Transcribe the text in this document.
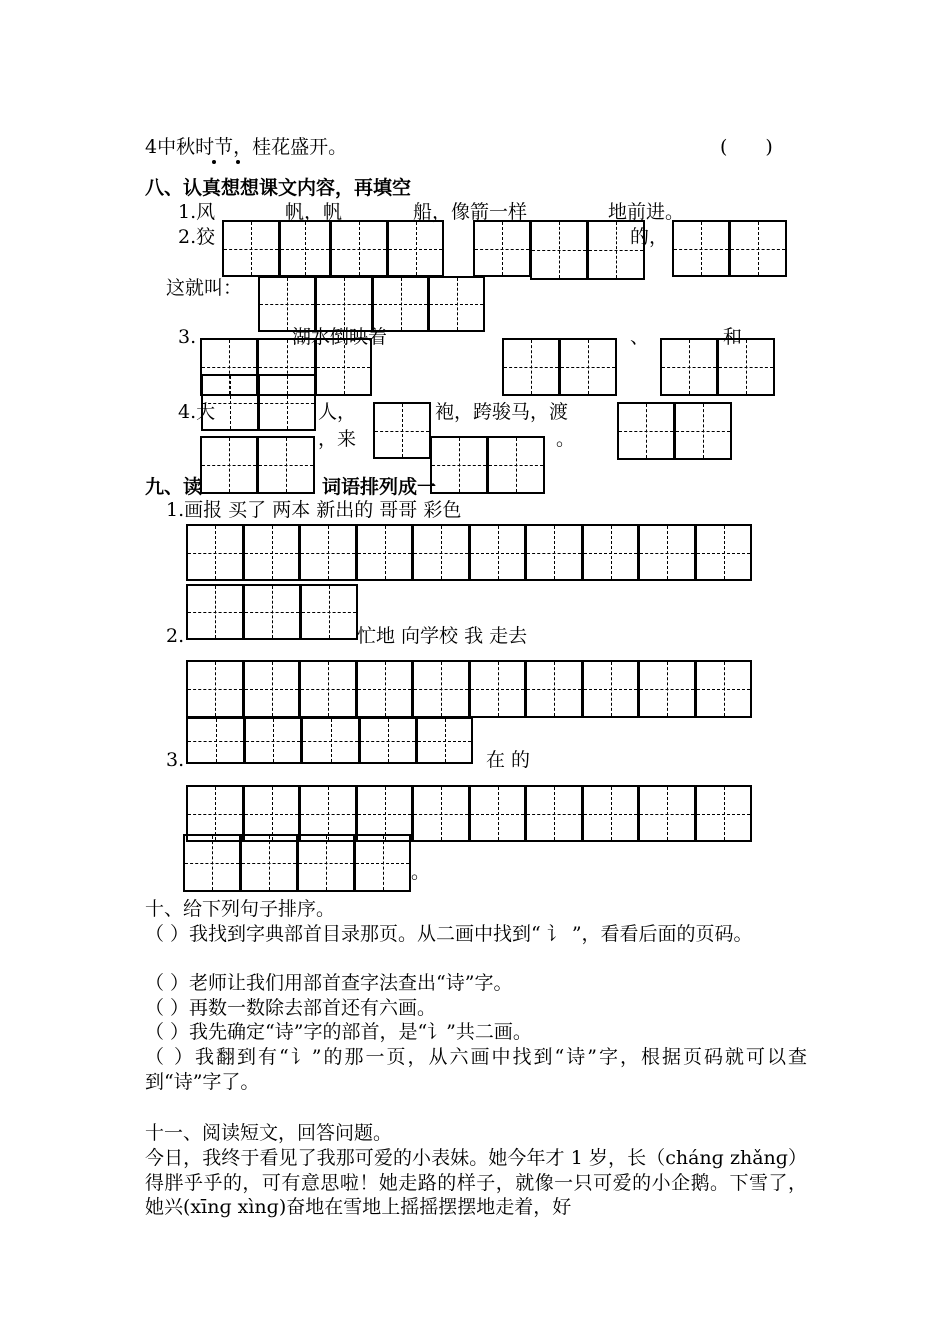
4中秋时节，桂花盛开。	(　　)
八、认真想想课文内容，再填空
1.风	帆，帆	船，像箭一样	地前进。
2.狡	的，
这就叫：
3.	湖水倒映着	、	和
4.大	人，	袍，跨骏马，渡
，来	。
九、读	词语排列成一
1.画报 买了 两本 新出的 哥哥 彩色
2.	忙地 向学校 我 走去
3.	在 的
。
十、给下列句子排序。
（ ）我找到字典部首目录那页。从二画中找到“ 讠 ”，看看后面的页码。
（ ）老师让我们用部首查字法查出“诗”字。
（ ）再数一数除去部首还有六画。
（ ）我先确定“诗”字的部首，是“讠”共二画。
（ ）我翻到有“讠”的那一页，从六画中找到“诗”字，根据页码就可以查到“诗”字了。
十一、阅读短文，回答问题。
今日，我终于看见了我那可爱的小表妹。她今年才 1 岁，长（chánɡ zhǎnɡ）得胖乎乎的，可有意思啦！她走路的样子，就像一只可爱的小企鹅。下雪了，她兴(xīnɡ xìnɡ)奋地在雪地上摇摇摆摆地走着，好
